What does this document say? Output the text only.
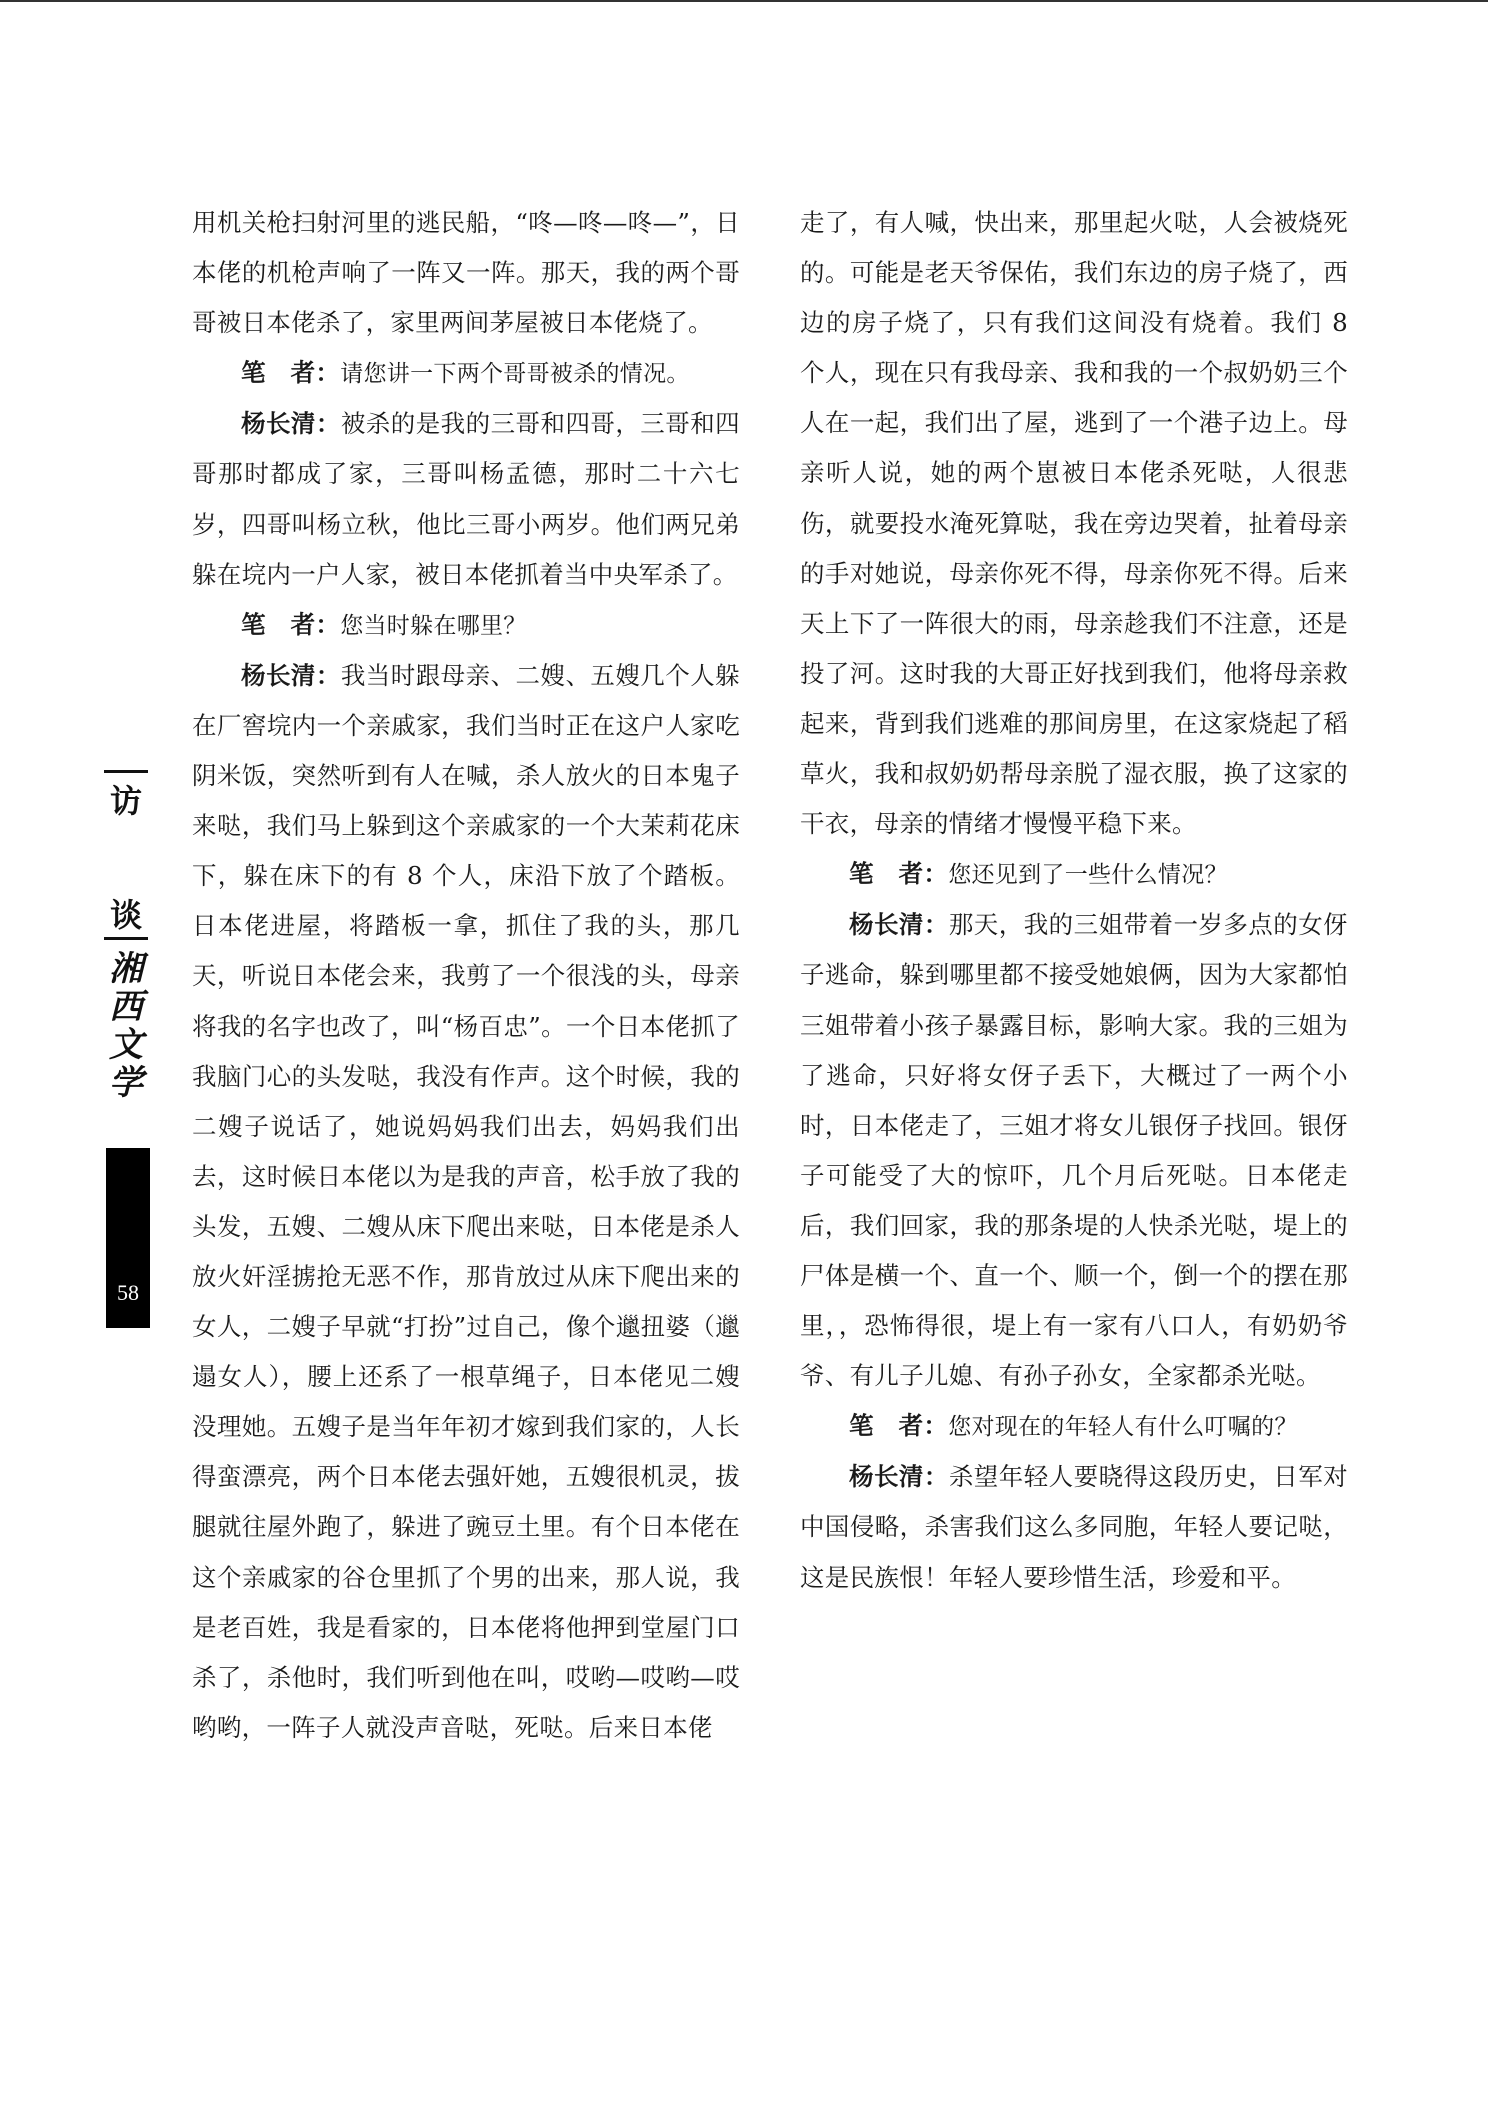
访
谈
湘
西
文
学
58

用机关枪扫射河里的逃民船，“咚—咚—咚—”，日本佬的机枪声响了一阵又一阵。那天，我的两个哥哥被日本佬杀了，家里两间茅屋被日本佬烧了。

笔　者：请您讲一下两个哥哥被杀的情况。

杨长清：被杀的是我的三哥和四哥，三哥和四哥那时都成了家，三哥叫杨孟德，那时二十六七岁，四哥叫杨立秋，他比三哥小两岁。他们两兄弟躲在垸内一户人家，被日本佬抓着当中央军杀了。

笔　者：您当时躲在哪里？

杨长清：我当时跟母亲、二嫂、五嫂几个人躲在厂窖垸内一个亲戚家，我们当时正在这户人家吃阴米饭，突然听到有人在喊，杀人放火的日本鬼子来哒，我们马上躲到这个亲戚家的一个大茉莉花床下，躲在床下的有 8 个人，床沿下放了个踏板。日本佬进屋，将踏板一拿，抓住了我的头，那几天，听说日本佬会来，我剪了一个很浅的头，母亲将我的名字也改了，叫“杨百忠”。一个日本佬抓了我脑门心的头发哒，我没有作声。这个时候，我的二嫂子说话了，她说妈妈我们出去，妈妈我们出去，这时候日本佬以为是我的声音，松手放了我的头发，五嫂、二嫂从床下爬出来哒，日本佬是杀人放火奸淫掳抢无恶不作，那肯放过从床下爬出来的女人，二嫂子早就“打扮”过自己，像个邋扭婆（邋遢女人），腰上还系了一根草绳子，日本佬见二嫂没理她。五嫂子是当年年初才嫁到我们家的，人长得蛮漂亮，两个日本佬去强奸她，五嫂很机灵，拔腿就往屋外跑了，躲进了豌豆土里。有个日本佬在这个亲戚家的谷仓里抓了个男的出来，那人说，我是老百姓，我是看家的，日本佬将他押到堂屋门口杀了，杀他时，我们听到他在叫，哎哟—哎哟—哎哟哟，一阵子人就没声音哒，死哒。后来日本佬

走了，有人喊，快出来，那里起火哒，人会被烧死的。可能是老天爷保佑，我们东边的房子烧了，西边的房子烧了，只有我们这间没有烧着。我们 8 个人，现在只有我母亲、我和我的一个叔奶奶三个人在一起，我们出了屋，逃到了一个港子边上。母亲听人说，她的两个崽被日本佬杀死哒，人很悲伤，就要投水淹死算哒，我在旁边哭着，扯着母亲的手对她说，母亲你死不得，母亲你死不得。后来天上下了一阵很大的雨，母亲趁我们不注意，还是投了河。这时我的大哥正好找到我们，他将母亲救起来，背到我们逃难的那间房里，在这家烧起了稻草火，我和叔奶奶帮母亲脱了湿衣服，换了这家的干衣，母亲的情绪才慢慢平稳下来。

笔　者：您还见到了一些什么情况？

杨长清：那天，我的三姐带着一岁多点的女伢子逃命，躲到哪里都不接受她娘俩，因为大家都怕三姐带着小孩子暴露目标，影响大家。我的三姐为了逃命，只好将女伢子丢下，大概过了一两个小时，日本佬走了，三姐才将女儿银伢子找回。银伢子可能受了大的惊吓，几个月后死哒。日本佬走后，我们回家，我的那条堤的人快杀光哒，堤上的尸体是横一个、直一个、顺一个，倒一个的摆在那里，，恐怖得很，堤上有一家有八口人，有奶奶爷爷、有儿子儿媳、有孙子孙女，全家都杀光哒。

笔　者：您对现在的年轻人有什么叮嘱的？

杨长清：杀望年轻人要晓得这段历史，日军对中国侵略，杀害我们这么多同胞，年轻人要记哒，这是民族恨！年轻人要珍惜生活，珍爱和平。
